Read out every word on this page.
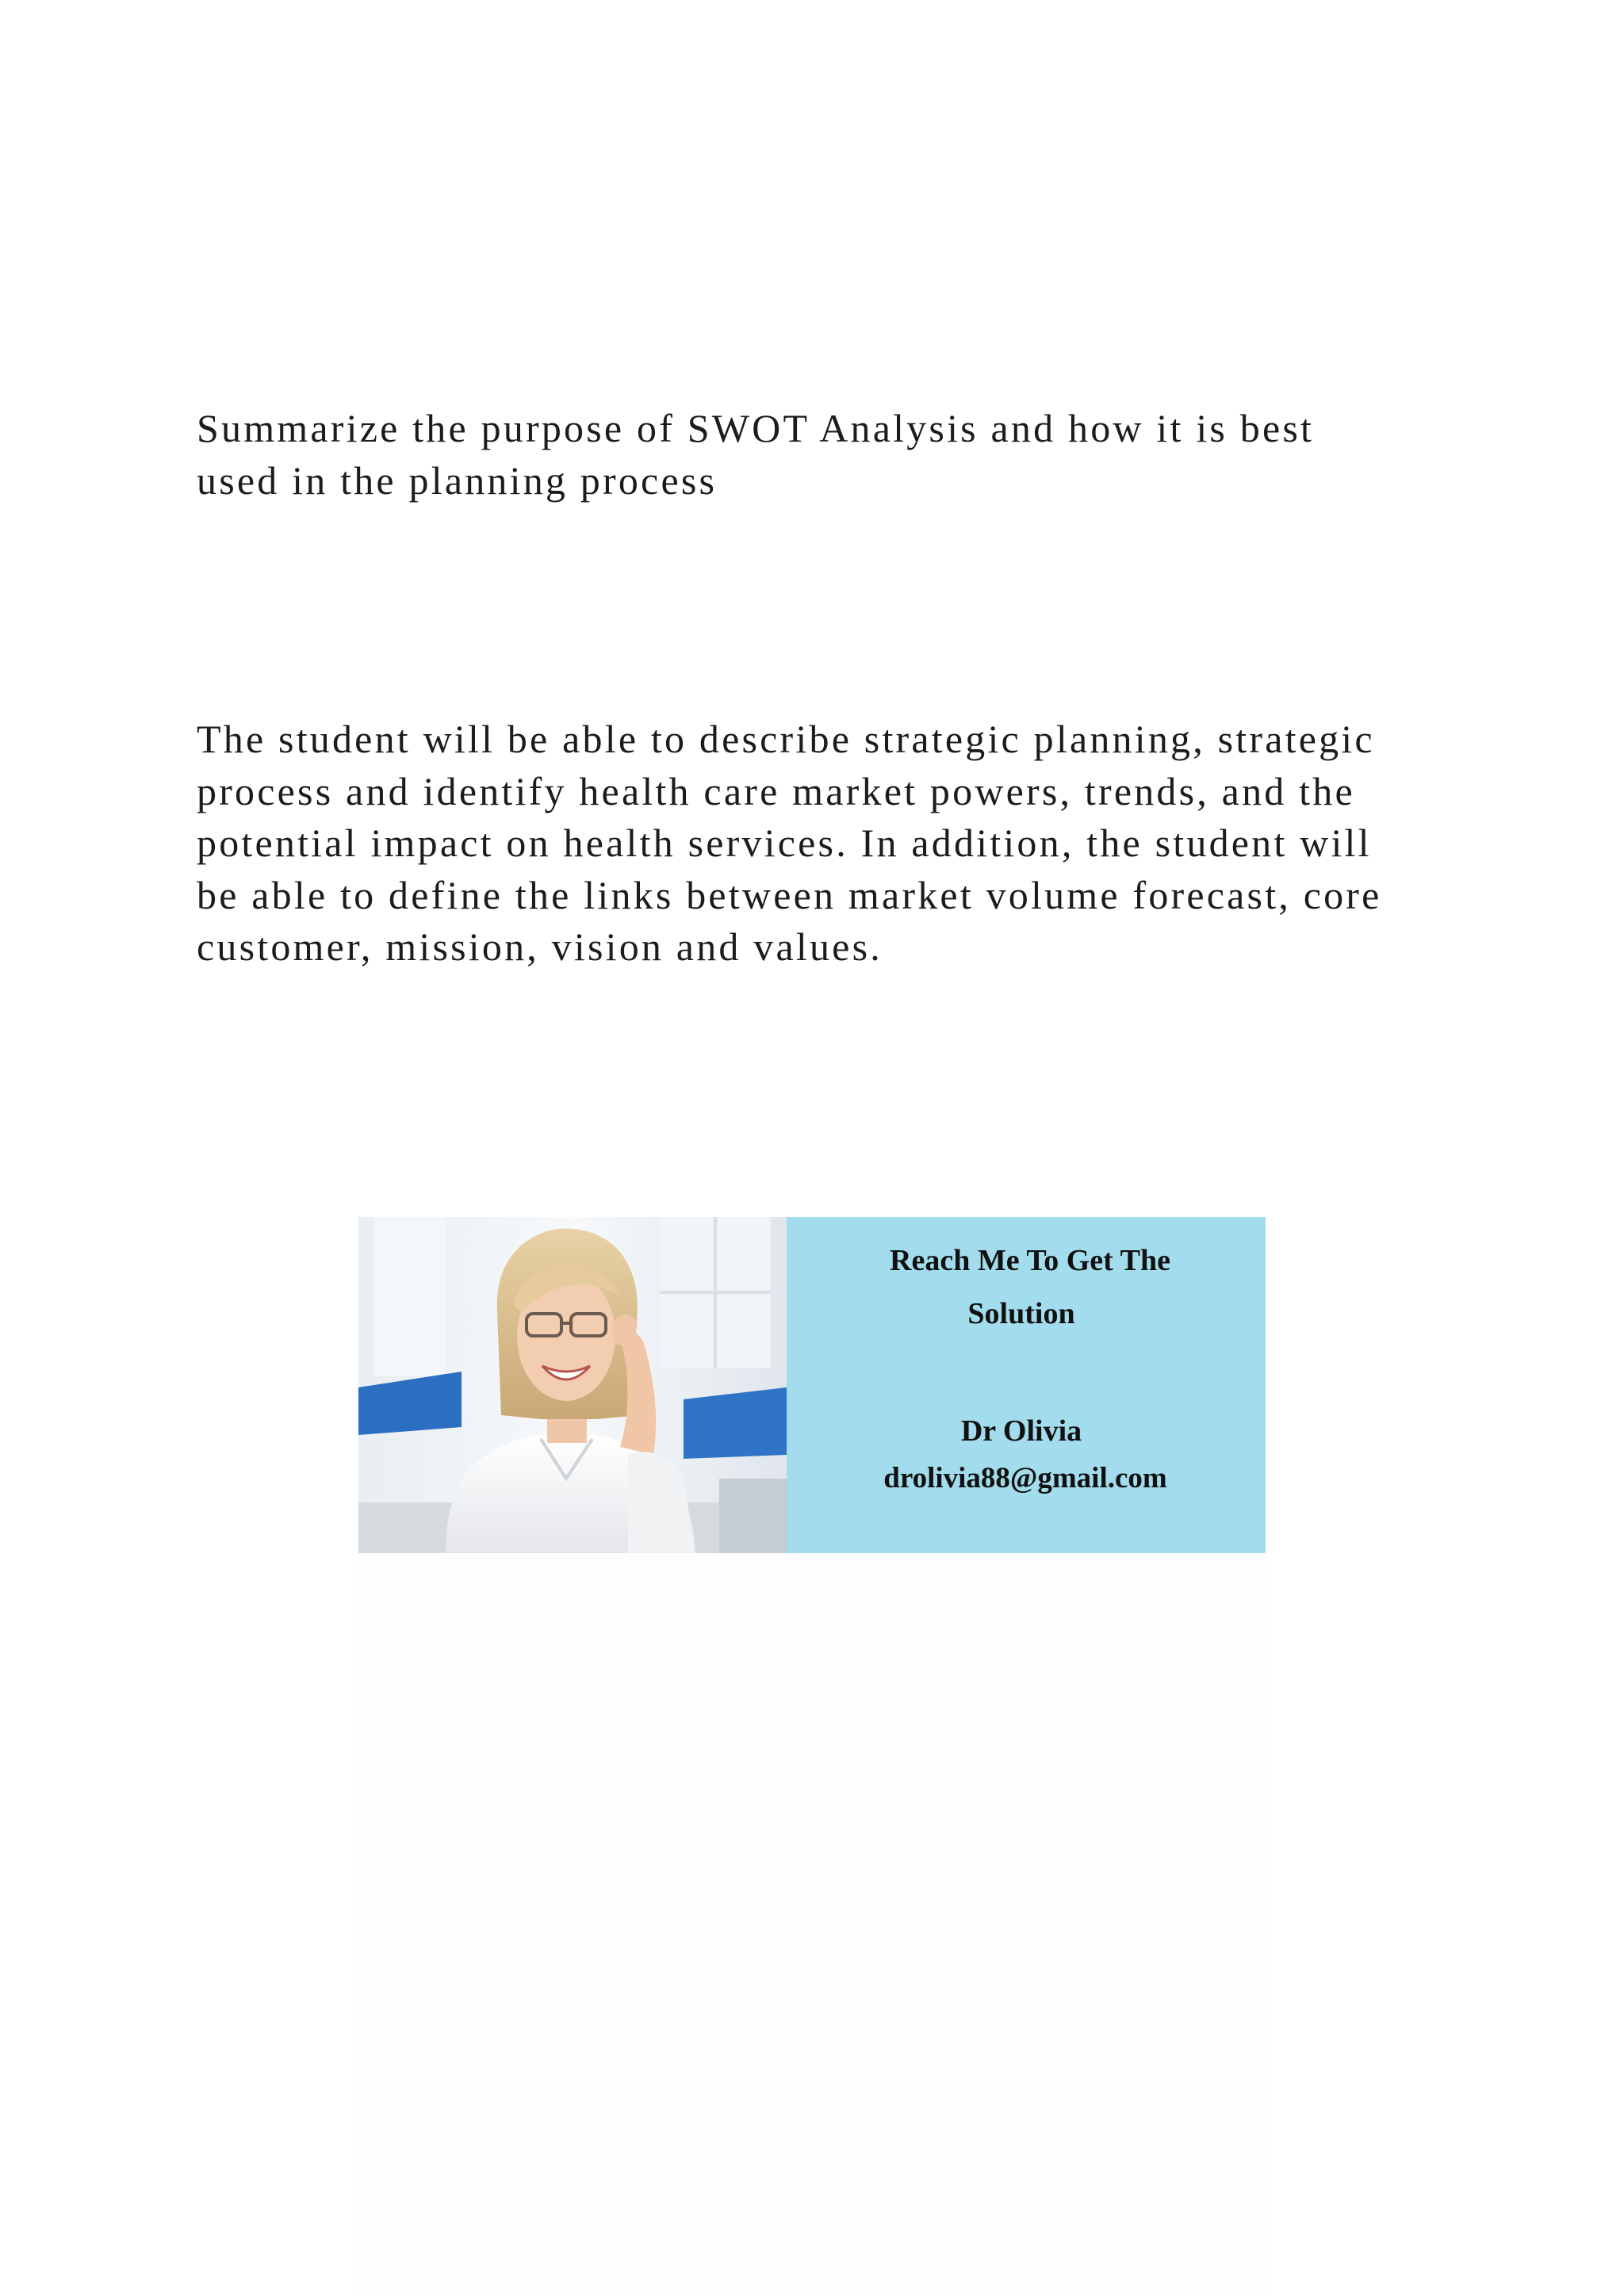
Summarize the purpose of SWOT Analysis and how it is best
used in the planning process

The student will be able to describe strategic planning, strategic
process and identify health care market powers, trends, and the
potential impact on health services. In addition, the student will
be able to define the links between market volume forecast, core
customer, mission, vision and values.

Reach Me To Get The
Solution
Dr Olivia
drolivia88@gmail.com
